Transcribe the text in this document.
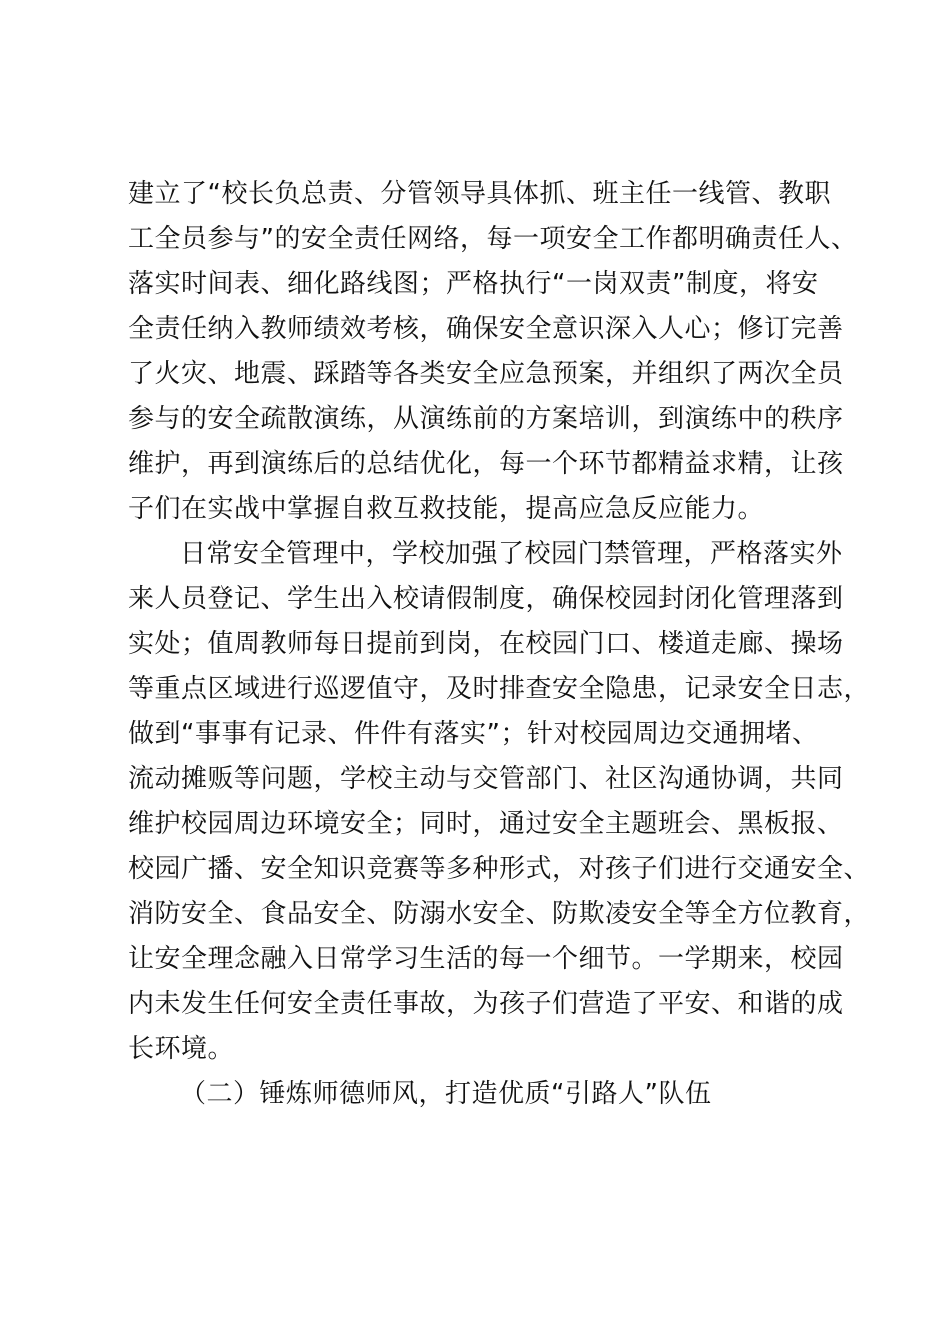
建立了“校长负总责、分管领导具体抓、班主任一线管、教职
工全员参与”的安全责任网络，每一项安全工作都明确责任人、
落实时间表、细化路线图；严格执行“一岗双责”制度，将安
全责任纳入教师绩效考核，确保安全意识深入人心；修订完善
了火灾、地震、踩踏等各类安全应急预案，并组织了两次全员
参与的安全疏散演练，从演练前的方案培训，到演练中的秩序
维护，再到演练后的总结优化，每一个环节都精益求精，让孩
子们在实战中掌握自救互救技能，提高应急反应能力。
日常安全管理中，学校加强了校园门禁管理，严格落实外
来人员登记、学生出入校请假制度，确保校园封闭化管理落到
实处；值周教师每日提前到岗，在校园门口、楼道走廊、操场
等重点区域进行巡逻值守，及时排查安全隐患，记录安全日志，
做到“事事有记录、件件有落实”；针对校园周边交通拥堵、
流动摊贩等问题，学校主动与交管部门、社区沟通协调，共同
维护校园周边环境安全；同时，通过安全主题班会、黑板报、
校园广播、安全知识竞赛等多种形式，对孩子们进行交通安全、
消防安全、食品安全、防溺水安全、防欺凌安全等全方位教育，
让安全理念融入日常学习生活的每一个细节。一学期来，校园
内未发生任何安全责任事故，为孩子们营造了平安、和谐的成
长环境。
（二）锤炼师德师风，打造优质“引路人”队伍
